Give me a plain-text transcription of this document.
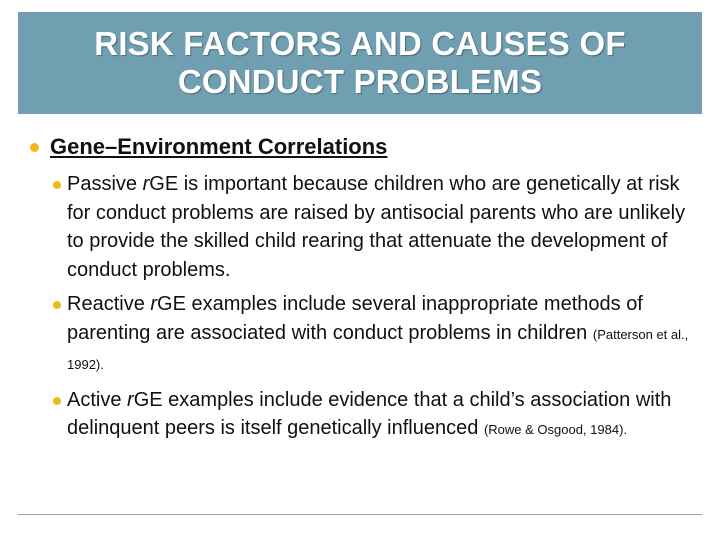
RISK FACTORS AND CAUSES OF
CONDUCT PROBLEMS
Gene–Environment Correlations
Passive rGE is important because children who are genetically at risk for conduct problems are raised by antisocial parents who are unlikely to provide the skilled child rearing that attenuate the development of conduct problems.
Reactive rGE examples include several inappropriate methods of parenting are associated with conduct problems in children (Patterson et al., 1992).
Active rGE examples include evidence that a child’s association with delinquent peers is itself genetically influenced (Rowe & Osgood, 1984).
